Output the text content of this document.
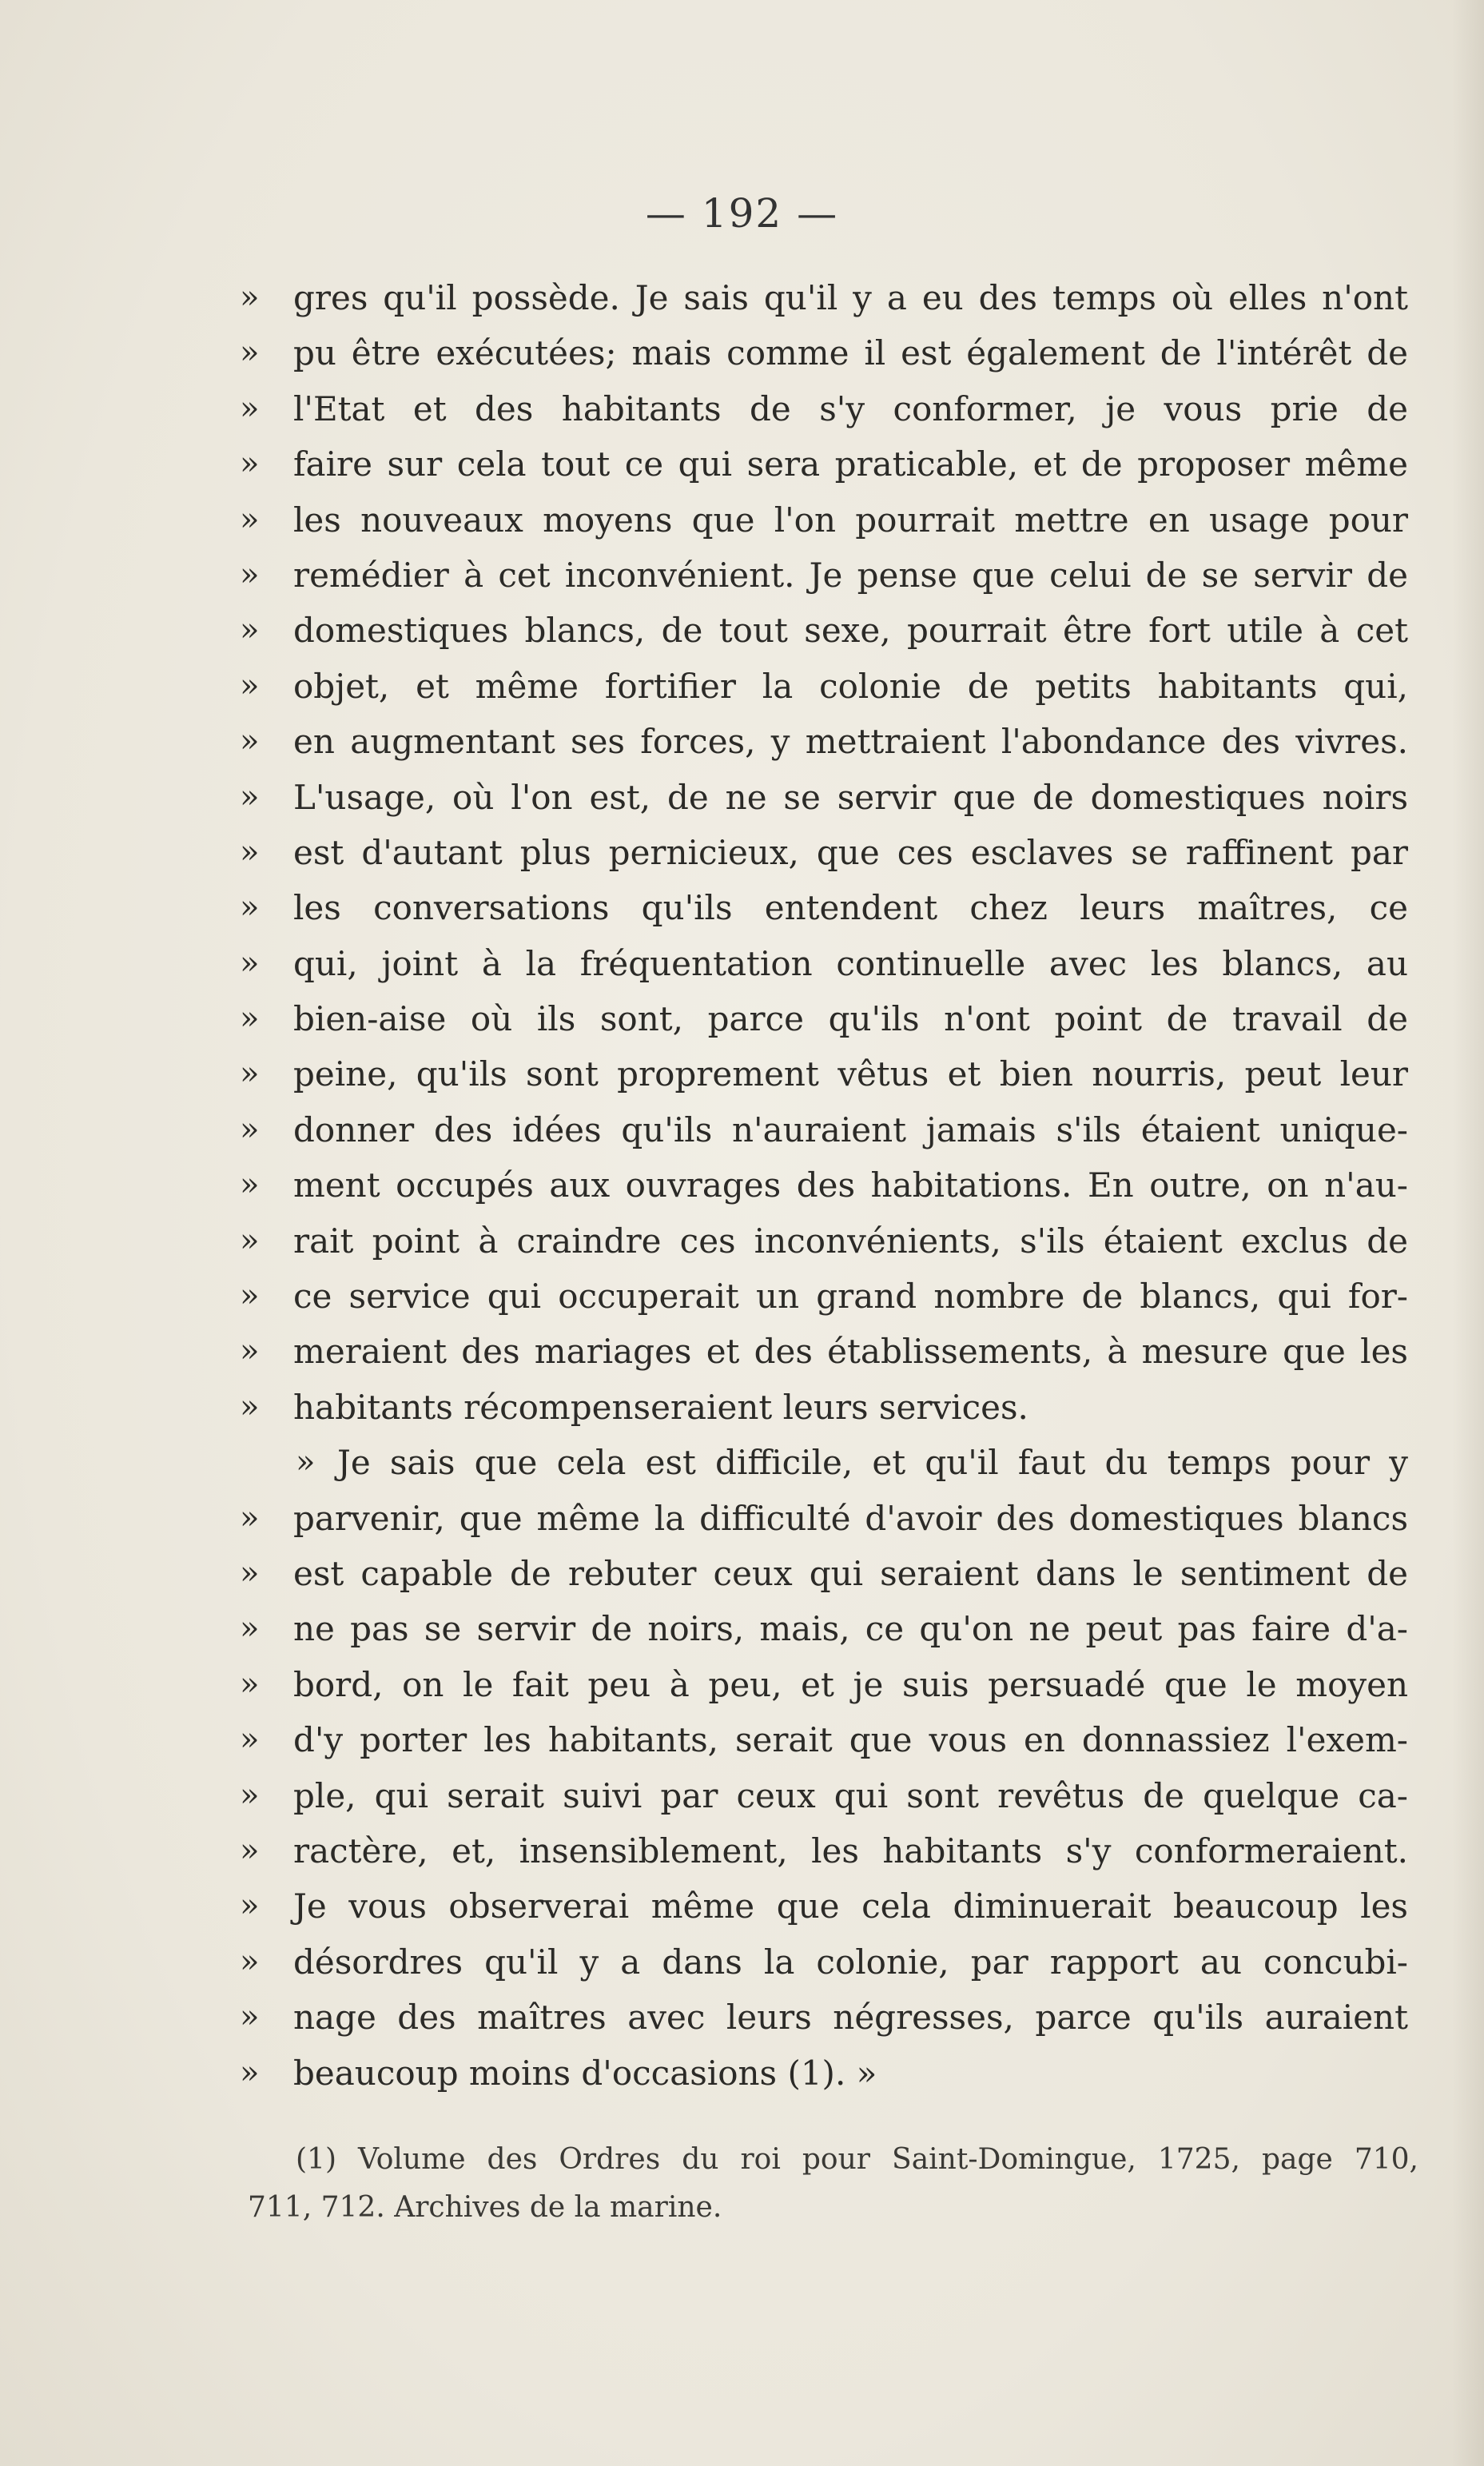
— 192 —
» gres qu'il possède. Je sais qu'il y a eu des temps où elles n'ont
» pu être exécutées; mais comme il est également de l'intérêt de
» l'Etat et des habitants de s'y conformer, je vous prie de
» faire sur cela tout ce qui sera praticable, et de proposer même
» les nouveaux moyens que l'on pourrait mettre en usage pour
» remédier à cet inconvénient. Je pense que celui de se servir de
» domestiques blancs, de tout sexe, pourrait être fort utile à cet
» objet, et même fortifier la colonie de petits habitants qui,
» en augmentant ses forces, y mettraient l'abondance des vivres.
» L'usage, où l'on est, de ne se servir que de domestiques noirs
» est d'autant plus pernicieux, que ces esclaves se raffinent par
» les conversations qu'ils entendent chez leurs maîtres, ce
» qui, joint à la fréquentation continuelle avec les blancs, au
» bien-aise où ils sont, parce qu'ils n'ont point de travail de
» peine, qu'ils sont proprement vêtus et bien nourris, peut leur
» donner des idées qu'ils n'auraient jamais s'ils étaient unique-
» ment occupés aux ouvrages des habitations. En outre, on n'au-
» rait point à craindre ces inconvénients, s'ils étaient exclus de
» ce service qui occuperait un grand nombre de blancs, qui for-
» meraient des mariages et des établissements, à mesure que les
» habitants récompenseraient leurs services.
» Je sais que cela est difficile, et qu'il faut du temps pour y
» parvenir, que même la difficulté d'avoir des domestiques blancs
» est capable de rebuter ceux qui seraient dans le sentiment de
» ne pas se servir de noirs, mais, ce qu'on ne peut pas faire d'a-
» bord, on le fait peu à peu, et je suis persuadé que le moyen
» d'y porter les habitants, serait que vous en donnassiez l'exem-
» ple, qui serait suivi par ceux qui sont revêtus de quelque ca-
» ractère, et, insensiblement, les habitants s'y conformeraient.
» Je vous observerai même que cela diminuerait beaucoup les
» désordres qu'il y a dans la colonie, par rapport au concubi-
» nage des maîtres avec leurs négresses, parce qu'ils auraient
» beaucoup moins d'occasions (1). »
(1) Volume des Ordres du roi pour Saint-Domingue, 1725, page 710,
711, 712. Archives de la marine.
